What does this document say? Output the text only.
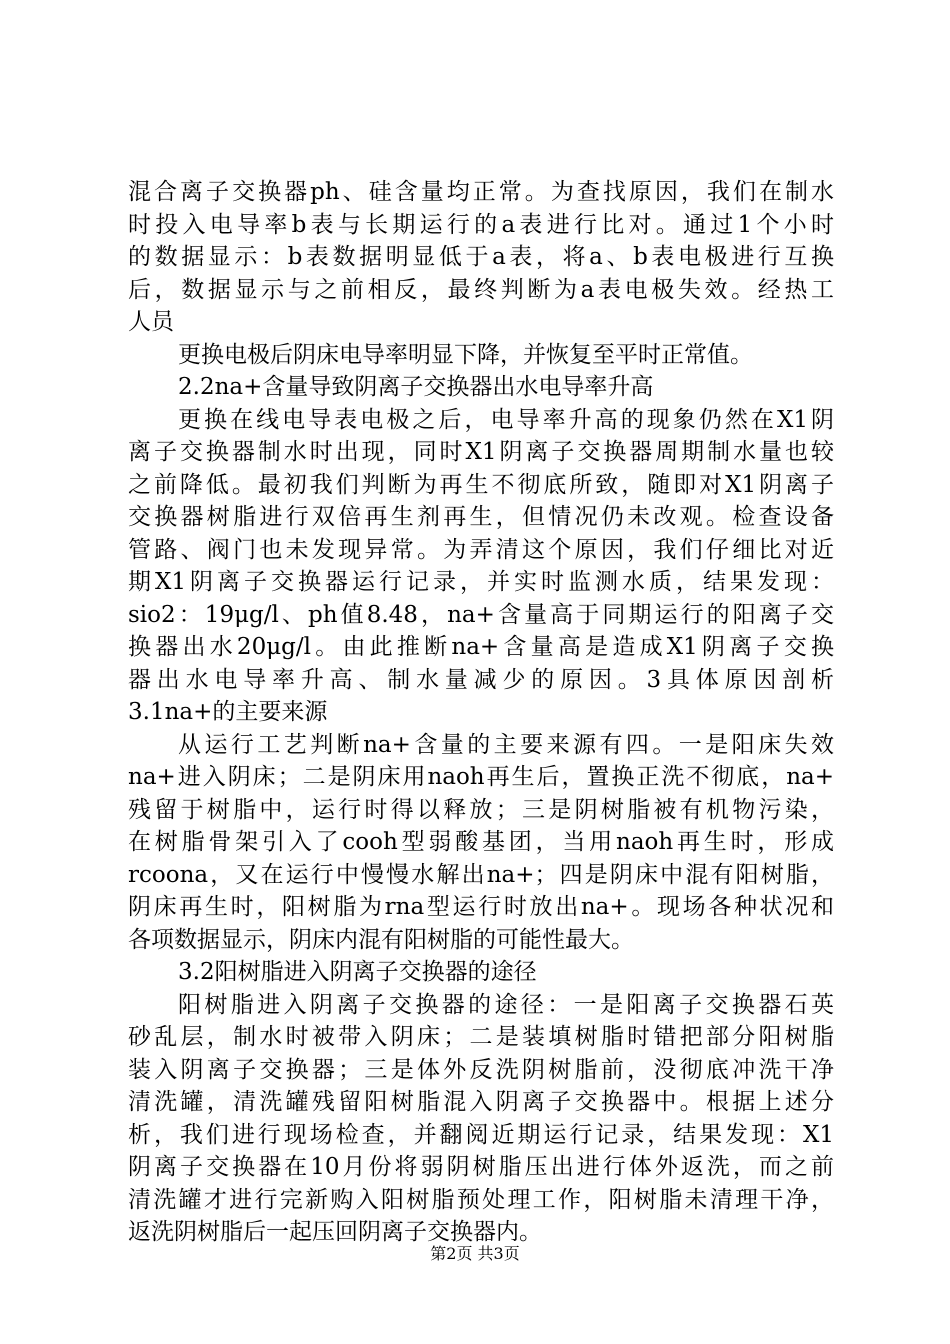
混合离子交换器ph、硅含量均正常。为查找原因，我们在制水
时投入电导率b表与长期运行的a表进行比对。通过1个小时
的数据显示：b表数据明显低于a表，将a、b表电极进行互换
后，数据显示与之前相反，最终判断为a表电极失效。经热工
人员
更换电极后阴床电导率明显下降，并恢复至平时正常值。
2.2na+含量导致阴离子交换器出水电导率升高
更换在线电导表电极之后，电导率升高的现象仍然在X1阴
离子交换器制水时出现，同时X1阴离子交换器周期制水量也较
之前降低。最初我们判断为再生不彻底所致，随即对X1阴离子
交换器树脂进行双倍再生剂再生，但情况仍未改观。检查设备
管路、阀门也未发现异常。为弄清这个原因，我们仔细比对近
期X1阴离子交换器运行记录，并实时监测水质，结果发现：
sio2：19μg/l、ph值8.48，na+含量高于同期运行的阳离子交
换器出水20μg/l。由此推断na+含量高是造成X1阴离子交换
器出水电导率升高、制水量减少的原因。3具体原因剖析
3.1na+的主要来源
从运行工艺判断na+含量的主要来源有四。一是阳床失效
na+进入阴床；二是阴床用naoh再生后，置换正洗不彻底，na+
残留于树脂中，运行时得以释放；三是阴树脂被有机物污染，
在树脂骨架引入了cooh型弱酸基团，当用naoh再生时，形成
rcoona，又在运行中慢慢水解出na+；四是阴床中混有阳树脂，
阴床再生时，阳树脂为rna型运行时放出na+。现场各种状况和
各项数据显示，阴床内混有阳树脂的可能性最大。
3.2阳树脂进入阴离子交换器的途径
阳树脂进入阴离子交换器的途径：一是阳离子交换器石英
砂乱层，制水时被带入阴床；二是装填树脂时错把部分阳树脂
装入阴离子交换器；三是体外反洗阴树脂前，没彻底冲洗干净
清洗罐，清洗罐残留阳树脂混入阴离子交换器中。根据上述分
析，我们进行现场检查，并翻阅近期运行记录，结果发现：X1
阴离子交换器在10月份将弱阴树脂压出进行体外返洗，而之前
清洗罐才进行完新购入阳树脂预处理工作，阳树脂未清理干净，
返洗阴树脂后一起压回阴离子交换器内。
第2页 共3页
